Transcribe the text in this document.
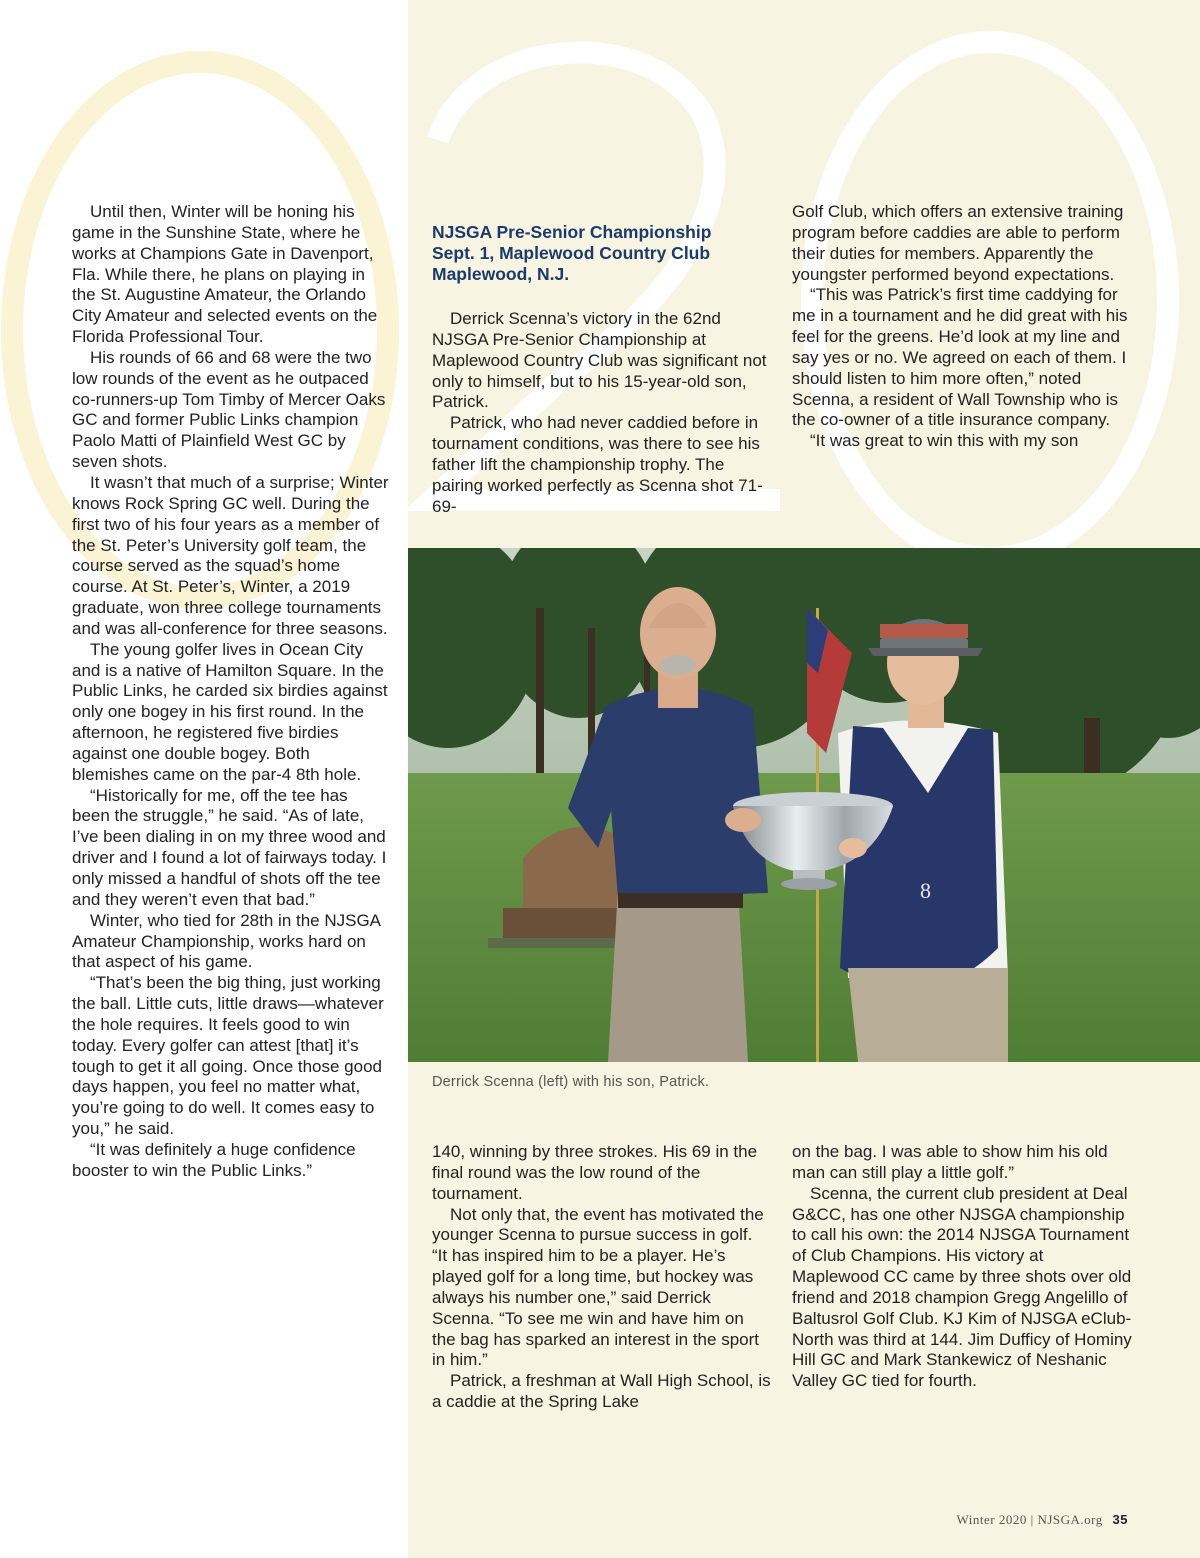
Until then, Winter will be honing his game in the Sunshine State, where he works at Champions Gate in Davenport, Fla. While there, he plans on playing in the St. Augustine Amateur, the Orlando City Amateur and selected events on the Florida Professional Tour.

His rounds of 66 and 68 were the two low rounds of the event as he outpaced co-runners-up Tom Timby of Mercer Oaks GC and former Public Links champion Paolo Matti of Plainfield West GC by seven shots.

It wasn’t that much of a surprise; Winter knows Rock Spring GC well. During the first two of his four years as a member of the St. Peter’s University golf team, the course served as the squad’s home course. At St. Peter’s, Winter, a 2019 graduate, won three college tournaments and was all-conference for three seasons.

The young golfer lives in Ocean City and is a native of Hamilton Square. In the Public Links, he carded six birdies against only one bogey in his first round. In the afternoon, he registered five birdies against one double bogey. Both blemishes came on the par-4 8th hole.

“Historically for me, off the tee has been the struggle,” he said. “As of late, I’ve been dialing in on my three wood and driver and I found a lot of fairways today. I only missed a handful of shots off the tee and they weren’t even that bad.”

Winter, who tied for 28th in the NJSGA Amateur Championship, works hard on that aspect of his game.

“That’s been the big thing, just working the ball. Little cuts, little draws—whatever the hole requires. It feels good to win today. Every golfer can attest [that] it’s tough to get it all going. Once those good days happen, you feel no matter what, you’re going to do well. It comes easy to you,” he said.

“It was definitely a huge confidence booster to win the Public Links.”

NJSGA Pre-Senior Championship
Sept. 1, Maplewood Country Club
Maplewood, N.J.

Derrick Scenna’s victory in the 62nd NJSGA Pre-Senior Championship at Maplewood Country Club was significant not only to himself, but to his 15-year-old son, Patrick.

Patrick, who had never caddied before in tournament conditions, was there to see his father lift the championship trophy. The pairing worked perfectly as Scenna shot 71-69-

Golf Club, which offers an extensive training program before caddies are able to perform their duties for members. Apparently the youngster performed beyond expectations.

“This was Patrick’s first time caddying for me in a tournament and he did great with his feel for the greens. He’d look at my line and say yes or no. We agreed on each of them. I should listen to him more often,” noted Scenna, a resident of Wall Township who is the co-owner of a title insurance company.

“It was great to win this with my son

8
Derrick Scenna (left) with his son, Patrick.

140, winning by three strokes. His 69 in the final round was the low round of the tournament.

Not only that, the event has motivated the younger Scenna to pursue success in golf. “It has inspired him to be a player. He’s played golf for a long time, but hockey was always his number one,” said Derrick Scenna. “To see me win and have him on the bag has sparked an interest in the sport in him.”

Patrick, a freshman at Wall High School, is a caddie at the Spring Lake

on the bag. I was able to show him his old man can still play a little golf.”

Scenna, the current club president at Deal G&CC, has one other NJSGA championship to call his own: the 2014 NJSGA Tournament of Club Champions. His victory at Maplewood CC came by three shots over old friend and 2018 champion Gregg Angelillo of Baltusrol Golf Club. KJ Kim of NJSGA eClub-North was third at 144. Jim Dufficy of Hominy Hill GC and Mark Stankewicz of Neshanic Valley GC tied for fourth.

Winter 2020 | NJSGA.org 35
